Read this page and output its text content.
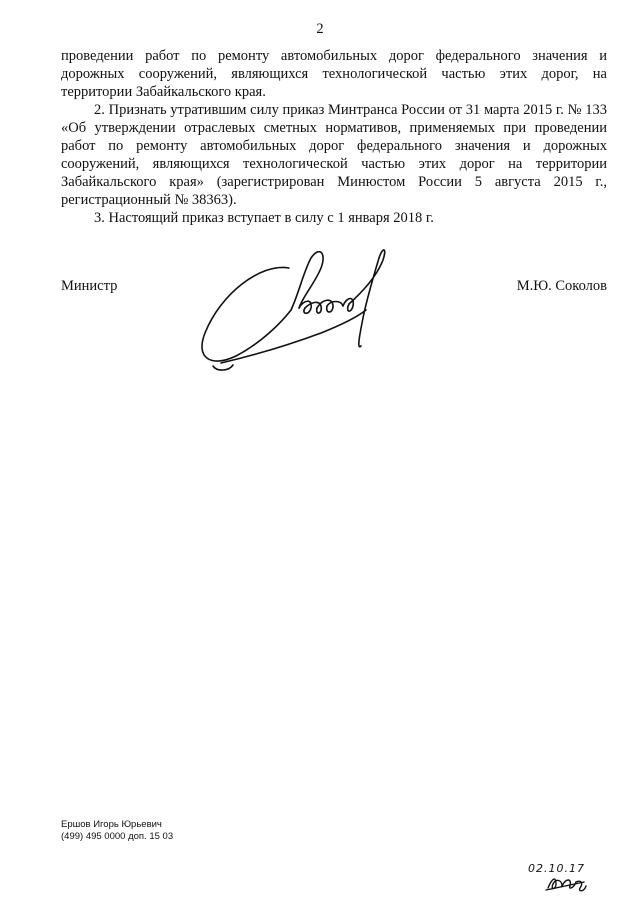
2

проведении работ по ремонту автомобильных дорог федерального значения и дорожных сооружений, являющихся технологической частью этих дорог, на территории Забайкальского края.

2. Признать утратившим силу приказ Минтранса России от 31 марта 2015 г. № 133 «Об утверждении отраслевых сметных нормативов, применяемых при проведении работ по ремонту автомобильных дорог федерального значения и дорожных сооружений, являющихся технологической частью этих дорог на территории Забайкальского края» (зарегистрирован Минюстом России 5 августа 2015 г., регистрационный № 38363).

3. Настоящий приказ вступает в силу с 1 января 2018 г.

Министр	М.Ю. Соколов
Ершов Игорь Юрьевич
(499) 495 0000 доп. 15 03
02.10.17
